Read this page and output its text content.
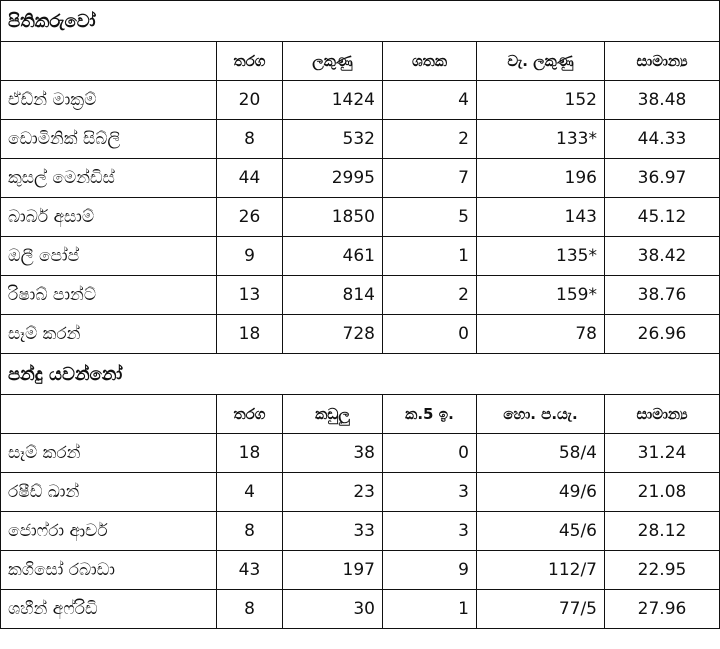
පිතිකරුවෝ					
	තරග	ලකුණු	ශතක	වැ. ලකුණු	සාමාන්‍ය
ඒඩ්න් මාක්‍රම්	20	1424	4	152	38.48
ඩොමිනික් සිබ්ලි	8	532	2	133*	44.33
කුසල් මෙන්ඩිස්	44	2995	7	196	36.97
බාබර් අසාම්	26	1850	5	143	45.12
ඔලී පෝප්	9	461	1	135*	38.42
රිෂාබ් පාන්ට්	13	814	2	159*	38.76
සෑම් කරන්	18	728	0	78	26.96
පන්දු යවන්නෝ					
	තරග	කඩුලු	ක.5 ඉ.	හො. ප.යැ.	සාමාන්‍ය
සෑම් කරන්	18	38	0	58/4	31.24
රෂීඩ් ඛාන්	4	23	3	49/6	21.08
ජොෆ්රා ආචර්	8	33	3	45/6	28.12
කගිසෝ රබාඩා	43	197	9	112/7	22.95
ශහීන් අෆ්රිඩි	8	30	1	77/5	27.96
